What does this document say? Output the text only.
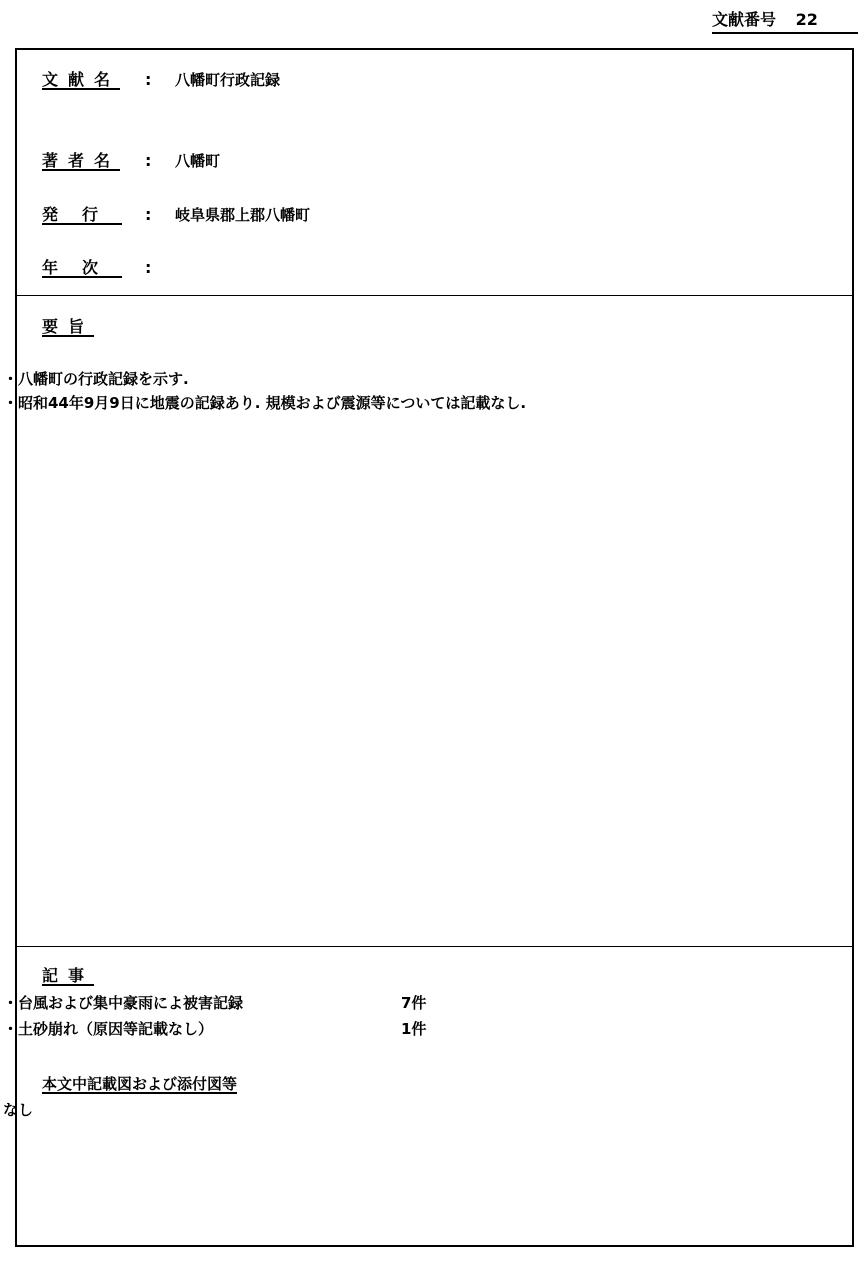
文献番号 22
文献名 : 八幡町行政記録
著者名 : 八幡町
発行 : 岐阜県郡上郡八幡町
年次 :
要旨
・ 八幡町の行政記録を示す.
・ 昭和44年9月9日に地震の記録あり. 規模および震源等については記載なし.
記事
・ 台風および集中豪雨によ被害記録	7件
・ 土砂崩れ（原因等記載なし）	1件
本文中記載図および添付図等
なし
